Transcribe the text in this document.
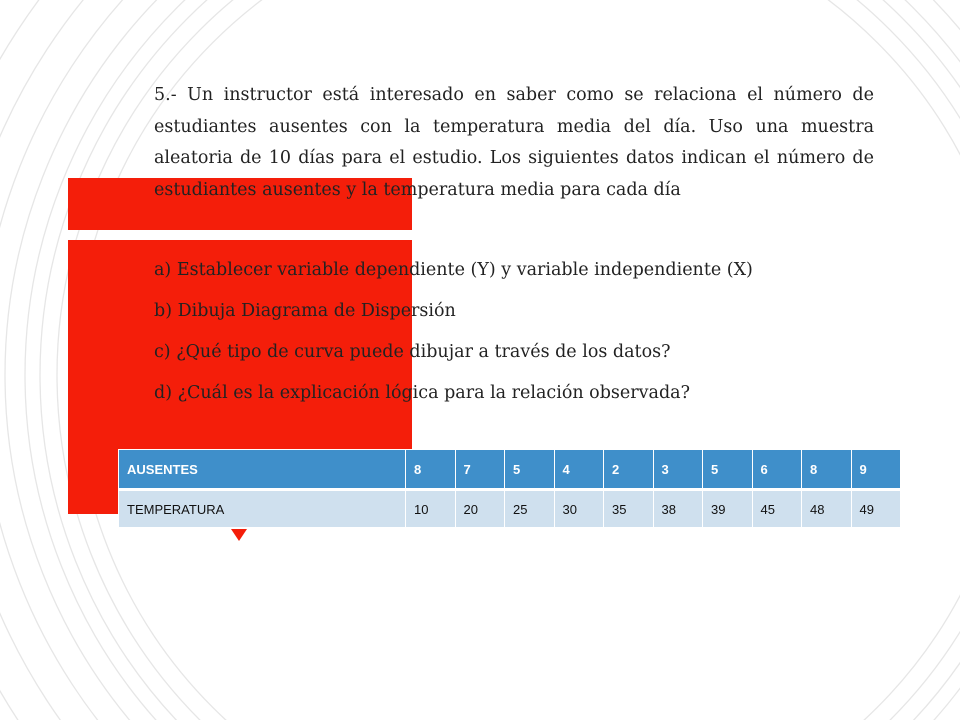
5.- Un instructor está interesado en saber como se relaciona el número de estudiantes ausentes con la temperatura media del día. Uso una muestra aleatoria de 10 días para el estudio. Los siguientes datos indican el número de estudiantes ausentes y la temperatura media para cada día

a) Establecer variable dependiente (Y) y variable independiente (X)
b) Dibuja Diagrama de Dispersión
c) ¿Qué tipo de curva puede dibujar a través de los datos?
d) ¿Cuál es la explicación lógica para la relación observada?
AUSENTES	8	7	5	4	2	3	5	6	8	9
TEMPERATURA	10	20	25	30	35	38	39	45	48	49
